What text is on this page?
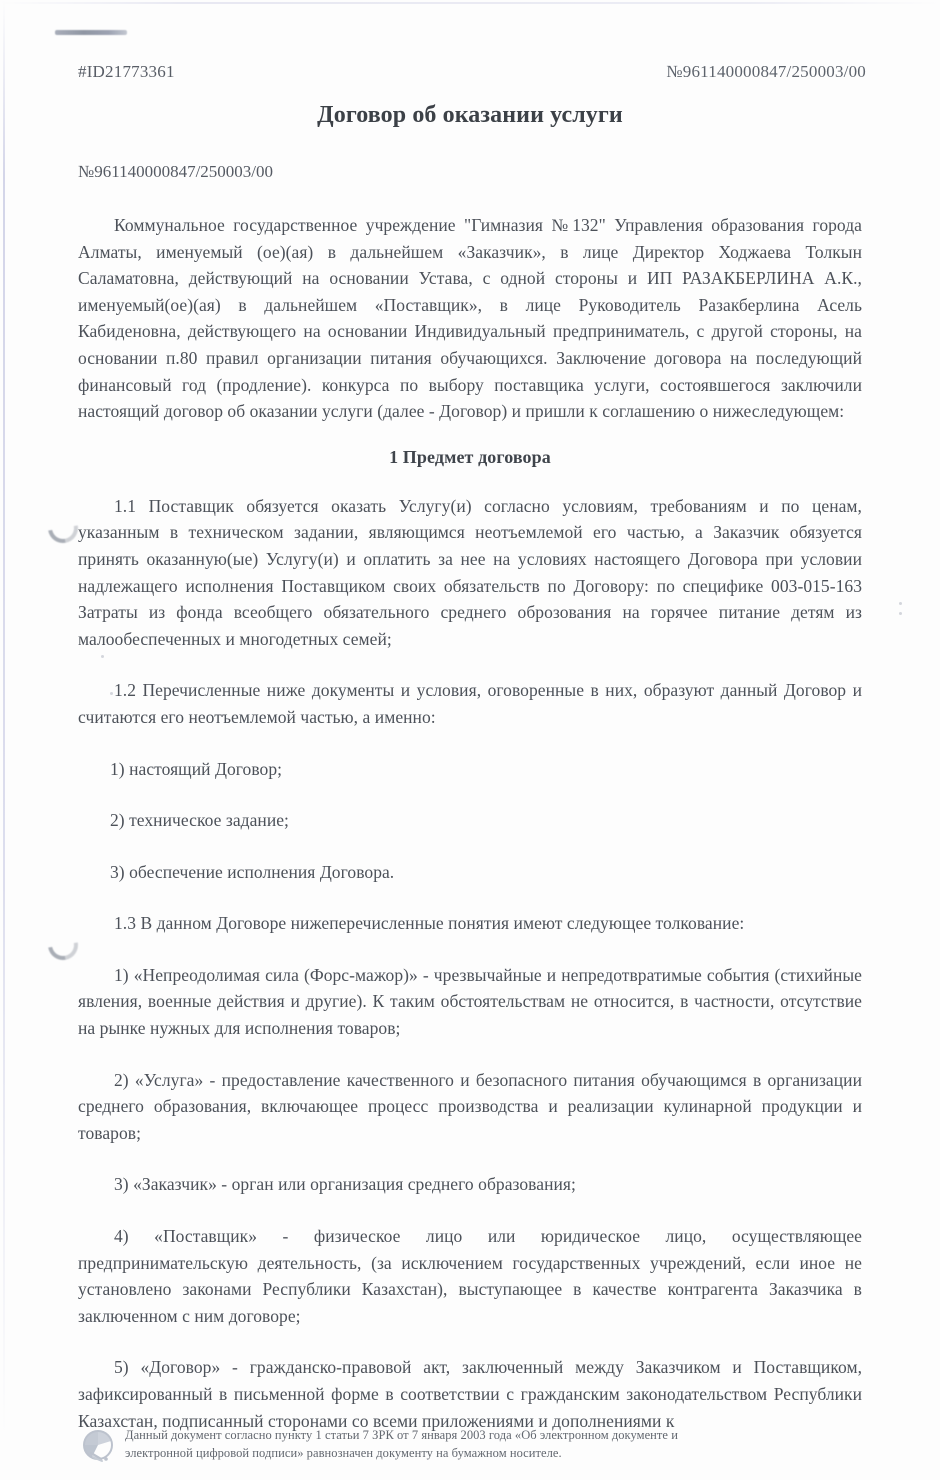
#ID21773361	№961140000847/250003/00
Договор об оказании услуги
№961140000847/250003/00

Коммунальное государственное учреждение "Гимназия №132" Управления образования города Алматы, именуемый (ое)(ая) в дальнейшем «Заказчик», в лице Директор Ходжаева Толкын Саламатовна, действующий на основании Устава, с одной стороны и ИП РАЗАКБЕРЛИНА А.К., именуемый(ое)(ая) в дальнейшем «Поставщик», в лице Руководитель Разакберлина Асель Кабиденовна, действующего на основании Индивидуальный предприниматель, с другой стороны, на основании п.80 правил организации питания обучающихся. Заключение договора на последующий финансовый год (продление). конкурса по выбору поставщика услуги, состоявшегося заключили настоящий договор об оказании услуги (далее - Договор) и пришли к соглашению о нижеследующем:

1 Предмет договора

1.1 Поставщик обязуется оказать Услугу(и) согласно условиям, требованиям и по ценам, указанным в техническом задании, являющимся неотъемлемой его частью, а Заказчик обязуется принять оказанную(ые) Услугу(и) и оплатить за нее на условиях настоящего Договора при условии надлежащего исполнения Поставщиком своих обязательств по Договору: по специфике 003-015-163 Затраты из фонда всеобщего обязательного среднего оброзования на горячее питание детям из малообеспеченных и многодетных семей;

1.2 Перечисленные ниже документы и условия, оговоренные в них, образуют данный Договор и считаются его неотъемлемой частью, а именно:

1) настоящий Договор;

2) техническое задание;

3) обеспечение исполнения Договора.

1.3 В данном Договоре нижеперечисленные понятия имеют следующее толкование:

1) «Непреодолимая сила (Форс-мажор)» - чрезвычайные и непредотвратимые события (стихийные явления, военные действия и другие). К таким обстоятельствам не относится, в частности, отсутствие на рынке нужных для исполнения товаров;

2) «Услуга» - предоставление качественного и безопасного питания обучающимся в организации среднего образования, включающее процесс производства и реализации кулинарной продукции и товаров;

3) «Заказчик» - орган или организация среднего образования;

4) «Поставщик» - физическое лицо или юридическое лицо, осуществляющее предпринимательскую деятельность, (за исключением государственных учреждений, если иное не установлено законами Республики Казахстан), выступающее в качестве контрагента Заказчика в заключенном с ним договоре;

5) «Договор» - гражданско-правовой акт, заключенный между Заказчиком и Поставщиком, зафиксированный в письменной форме в соответствии с гражданским законодательством Республики Казахстан, подписанный сторонами со всеми приложениями и дополнениями к

Данный документ согласно пункту 1 статьи 7 ЗРК от 7 января 2003 года «Об электронном документе и
электронной цифровой подписи» равнозначен документу на бумажном носителе.
